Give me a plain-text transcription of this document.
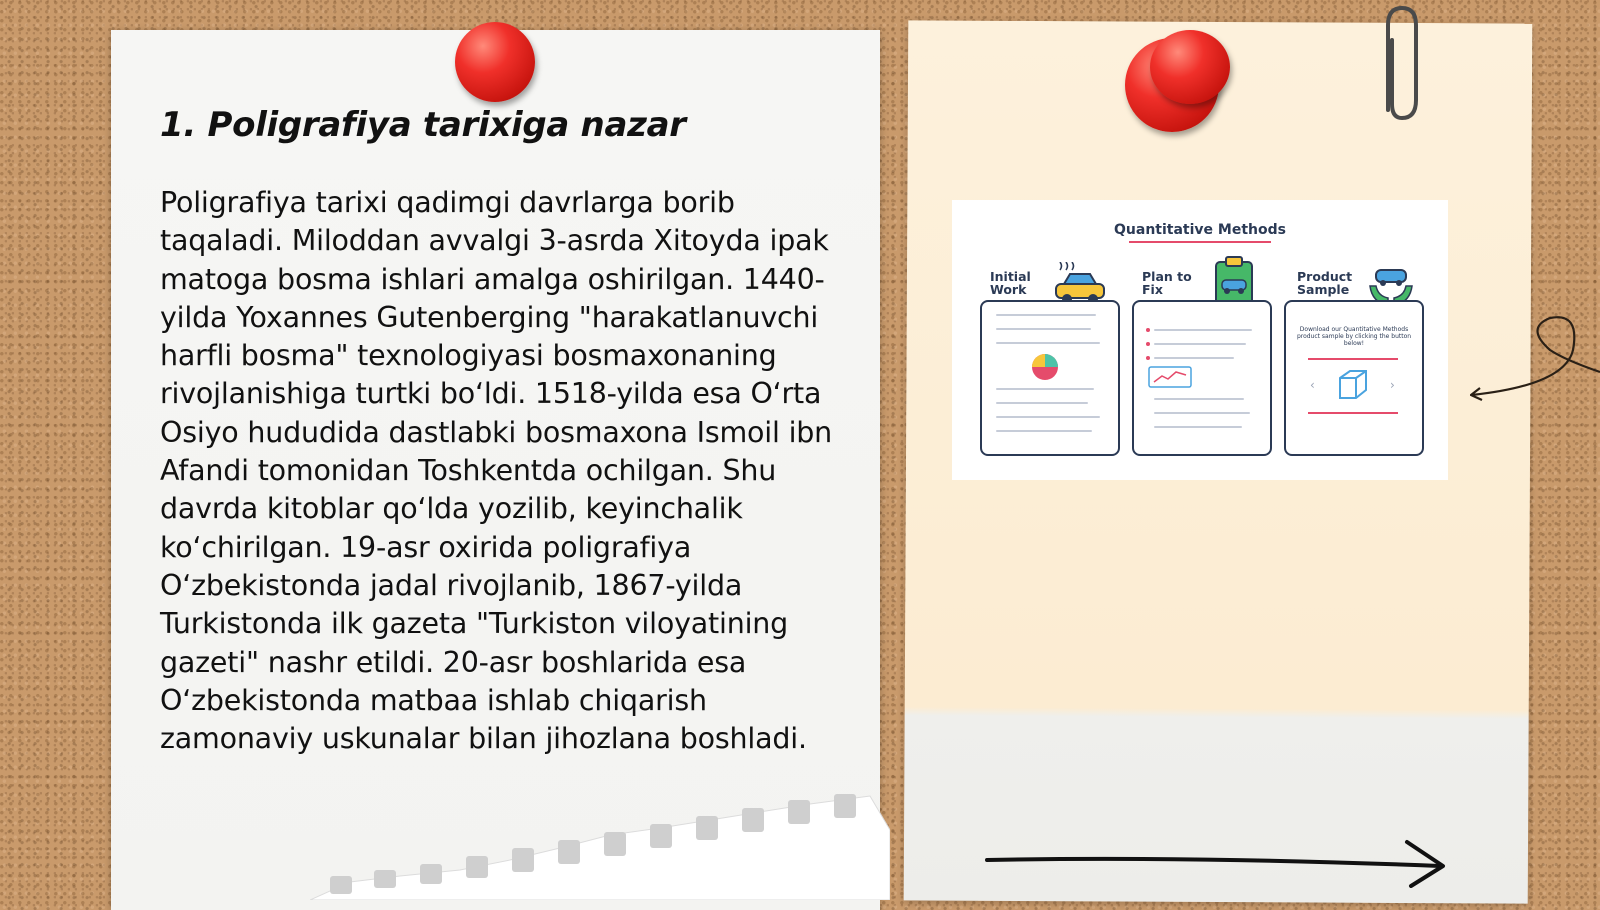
1. Poligrafiya tarixiga nazar

Poligrafiya tarixi qadimgi davrlarga borib taqaladi. Miloddan avvalgi 3-asrda Xitoyda ipak matoga bosma ishlari amalga oshirilgan. 1440-yilda Yoxannes Gutenberging "harakatlanuvchi harfli bosma" texnologiyasi bosmaxonaning rivojlanishiga turtki boʻldi. 1518-yilda esa Oʻrta Osiyo hududida dastlabki bosmaxona Ismoil ibn Afandi tomonidan Toshkentda ochilgan. Shu davrda kitoblar qoʻlda yozilib, keyinchalik koʻchirilgan. 19-asr oxirida poligrafiya Oʻzbekistonda jadal rivojlanib, 1867-yilda Turkistonda ilk gazeta "Turkiston viloyatining gazeti" nashr etildi. 20-asr boshlarida esa Oʻzbekistonda matbaa ishlab chiqarish zamonaviy uskunalar bilan jihozlana boshladi.

Quantitative Methods
Initial Work
Plan to Fix
Product Sample
Download our Quantitative Methods product sample by clicking the button below!
‹	›
